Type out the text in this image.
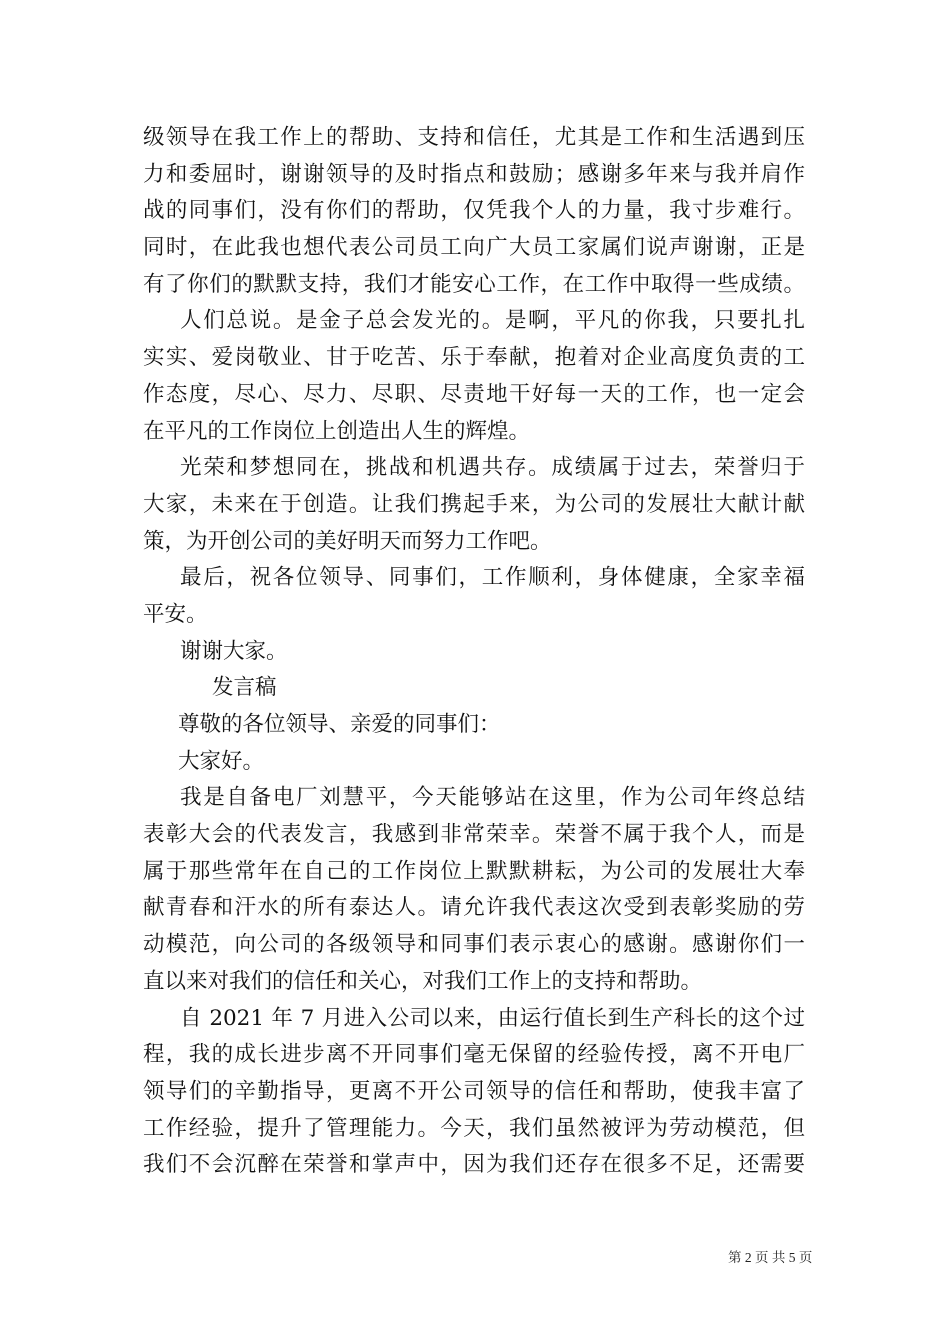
级领导在我工作上的帮助、支持和信任，尤其是工作和生活遇到压
力和委屈时，谢谢领导的及时指点和鼓励；感谢多年来与我并肩作
战的同事们，没有你们的帮助，仅凭我个人的力量，我寸步难行。
同时，在此我也想代表公司员工向广大员工家属们说声谢谢，正是
有了你们的默默支持，我们才能安心工作，在工作中取得一些成绩。
人们总说。是金子总会发光的。是啊，平凡的你我，只要扎扎
实实、爱岗敬业、甘于吃苦、乐于奉献，抱着对企业高度负责的工
作态度，尽心、尽力、尽职、尽责地干好每一天的工作，也一定会
在平凡的工作岗位上创造出人生的辉煌。
光荣和梦想同在，挑战和机遇共存。成绩属于过去，荣誉归于
大家，未来在于创造。让我们携起手来，为公司的发展壮大献计献
策，为开创公司的美好明天而努力工作吧。
最后，祝各位领导、同事们，工作顺利，身体健康，全家幸福
平安。
谢谢大家。
发言稿
尊敬的各位领导、亲爱的同事们：
大家好。
我是自备电厂刘慧平，今天能够站在这里，作为公司年终总结
表彰大会的代表发言，我感到非常荣幸。荣誉不属于我个人，而是
属于那些常年在自己的工作岗位上默默耕耘，为公司的发展壮大奉
献青春和汗水的所有泰达人。请允许我代表这次受到表彰奖励的劳
动模范，向公司的各级领导和同事们表示衷心的感谢。感谢你们一
直以来对我们的信任和关心，对我们工作上的支持和帮助。
自 2021 年 7 月进入公司以来，由运行值长到生产科长的这个过
程，我的成长进步离不开同事们毫无保留的经验传授，离不开电厂
领导们的辛勤指导，更离不开公司领导的信任和帮助，使我丰富了
工作经验，提升了管理能力。今天，我们虽然被评为劳动模范，但
我们不会沉醉在荣誉和掌声中，因为我们还存在很多不足，还需要
第 2 页 共 5 页
